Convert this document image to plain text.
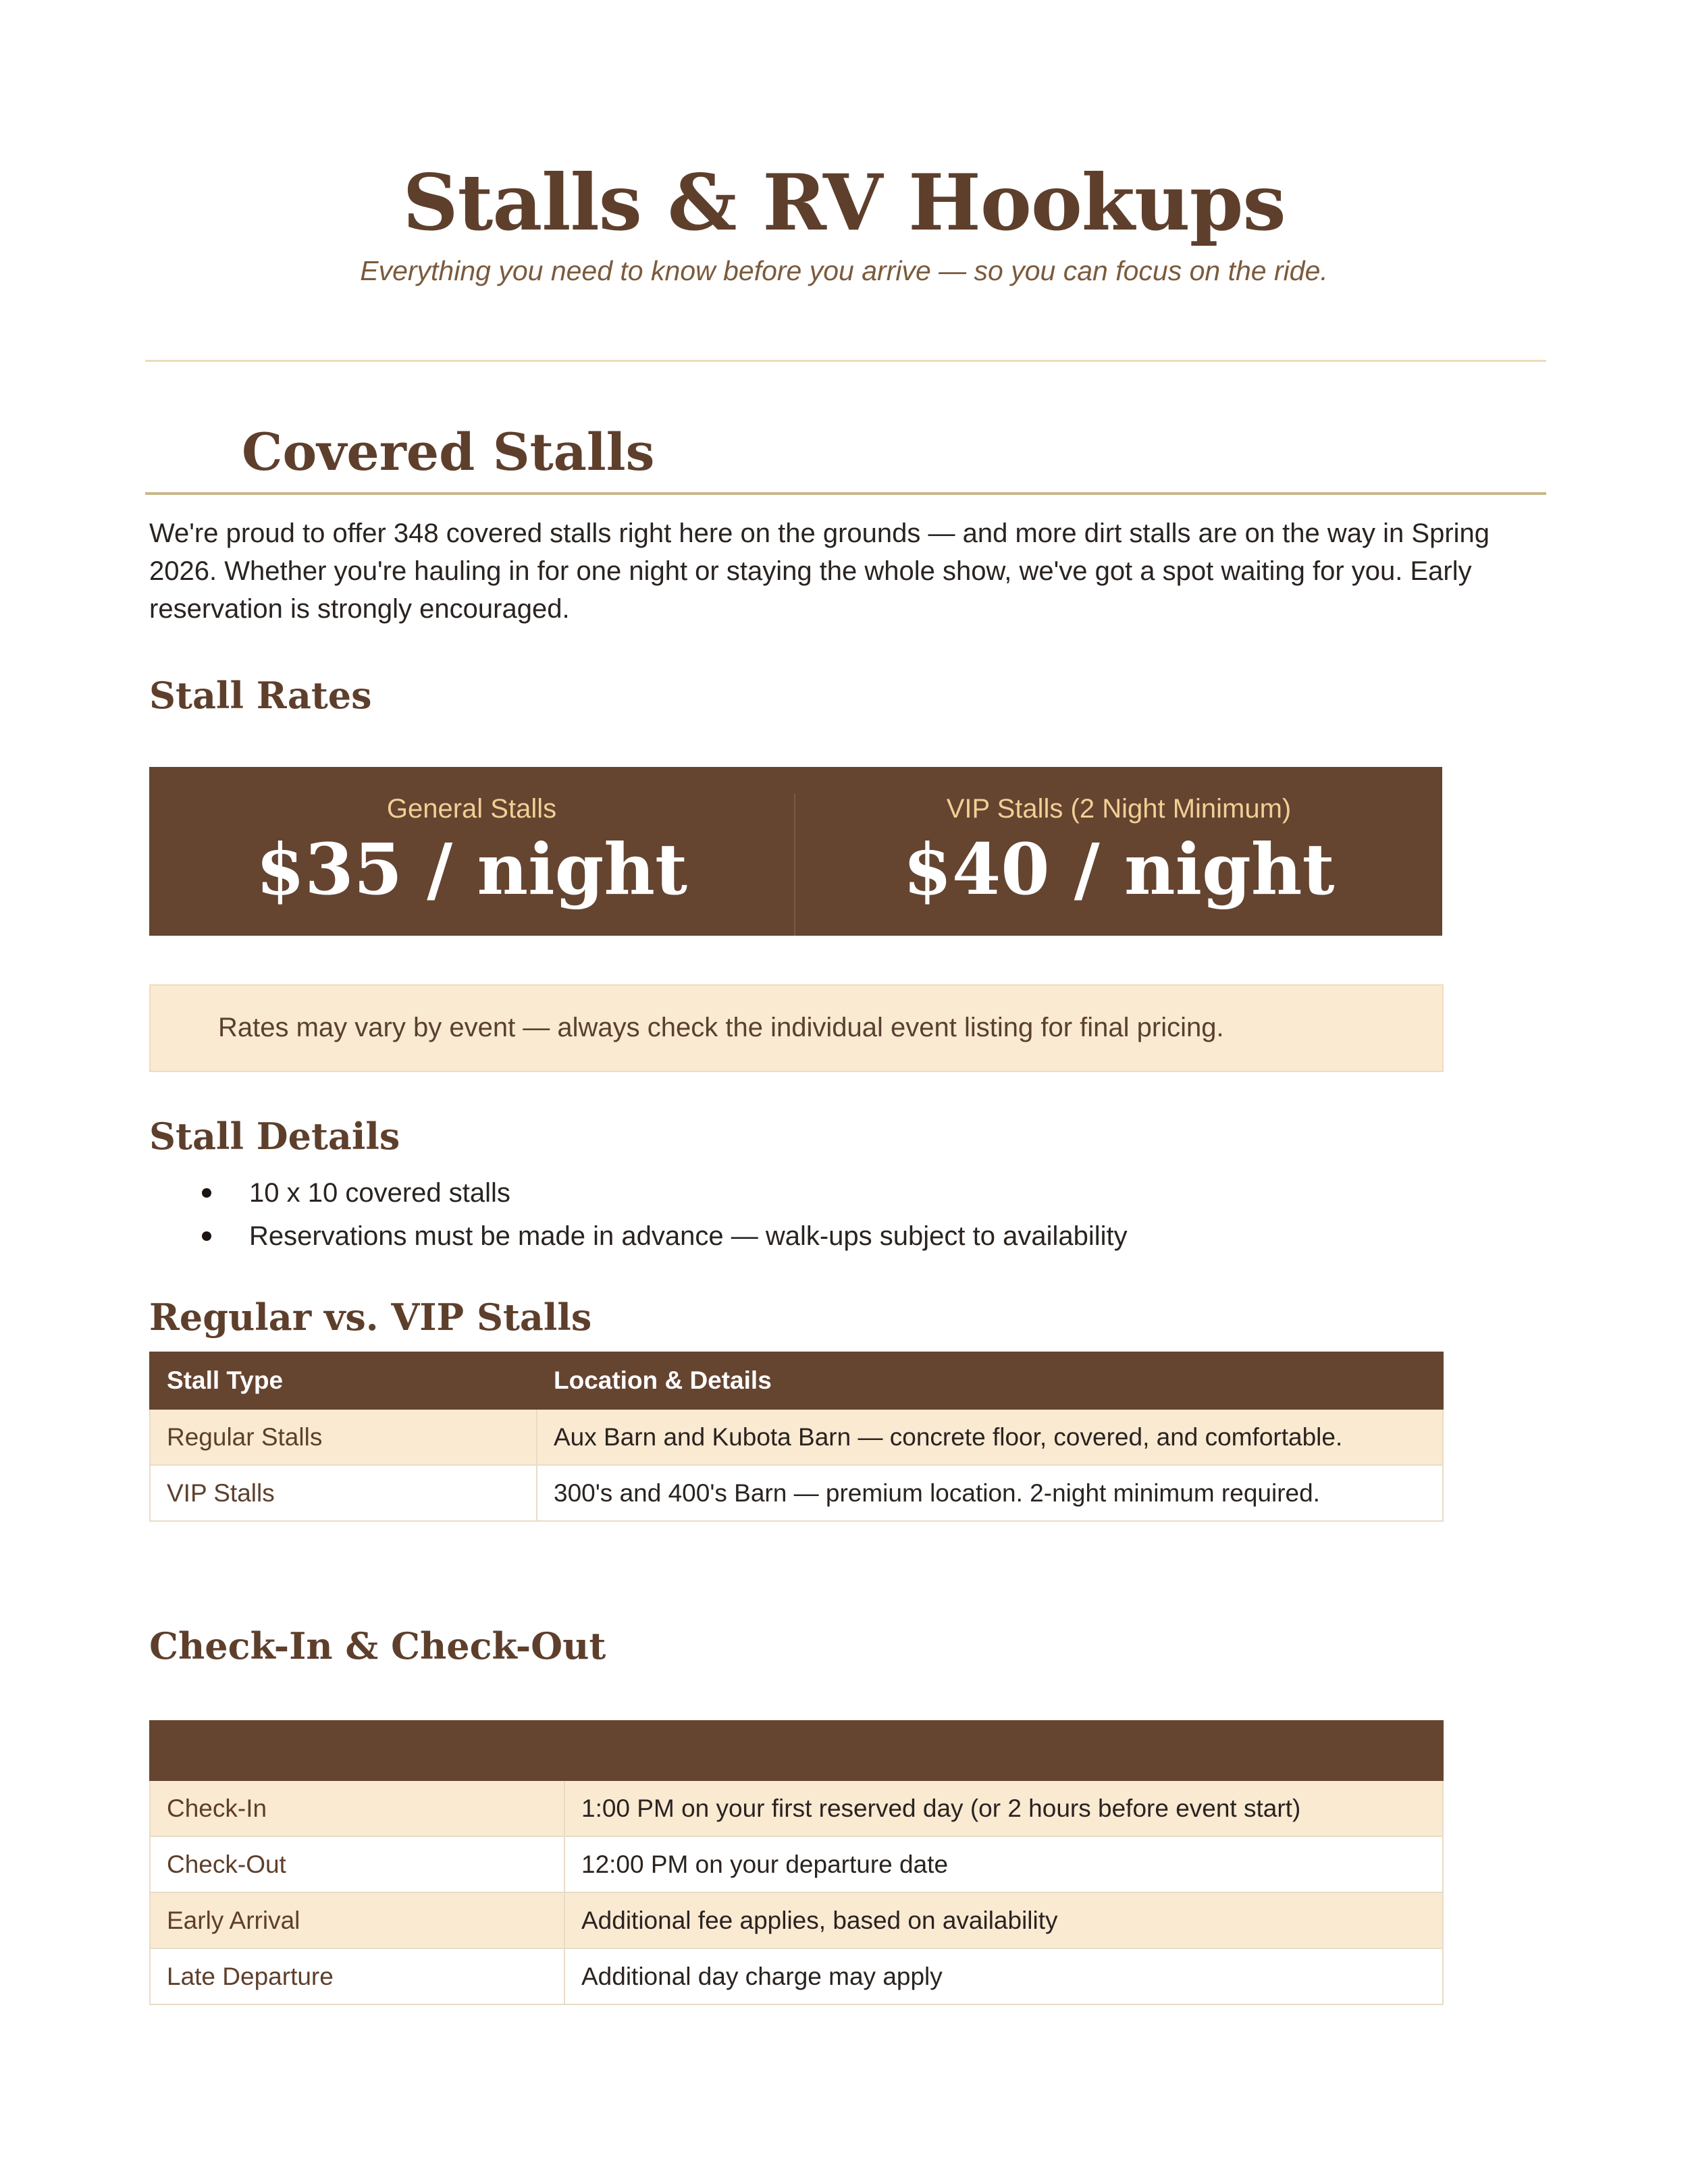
Stalls & RV Hookups

Everything you need to know before you arrive — so you can focus on the ride.

Covered Stalls

We're proud to offer 348 covered stalls right here on the grounds — and more dirt stalls are on the way in Spring 2026. Whether you're hauling in for one night or staying the whole show, we've got a spot waiting for you. Early reservation is strongly encouraged.

Stall Rates
General Stalls
$35 / night
VIP Stalls (2 Night Minimum)
$40 / night
Rates may vary by event — always check the individual event listing for final pricing.
Stall Details
10 x 10 covered stalls
Reservations must be made in advance — walk-ups subject to availability
Regular vs. VIP Stalls
Stall Type	Location & Details
Regular Stalls	Aux Barn and Kubota Barn — concrete floor, covered, and comfortable.
VIP Stalls	300's and 400's Barn — premium location. 2-night minimum required.
Check-In & Check-Out

Check-In	1:00 PM on your first reserved day (or 2 hours before event start)
Check-Out	12:00 PM on your departure date
Early Arrival	Additional fee applies, based on availability
Late Departure	Additional day charge may apply
